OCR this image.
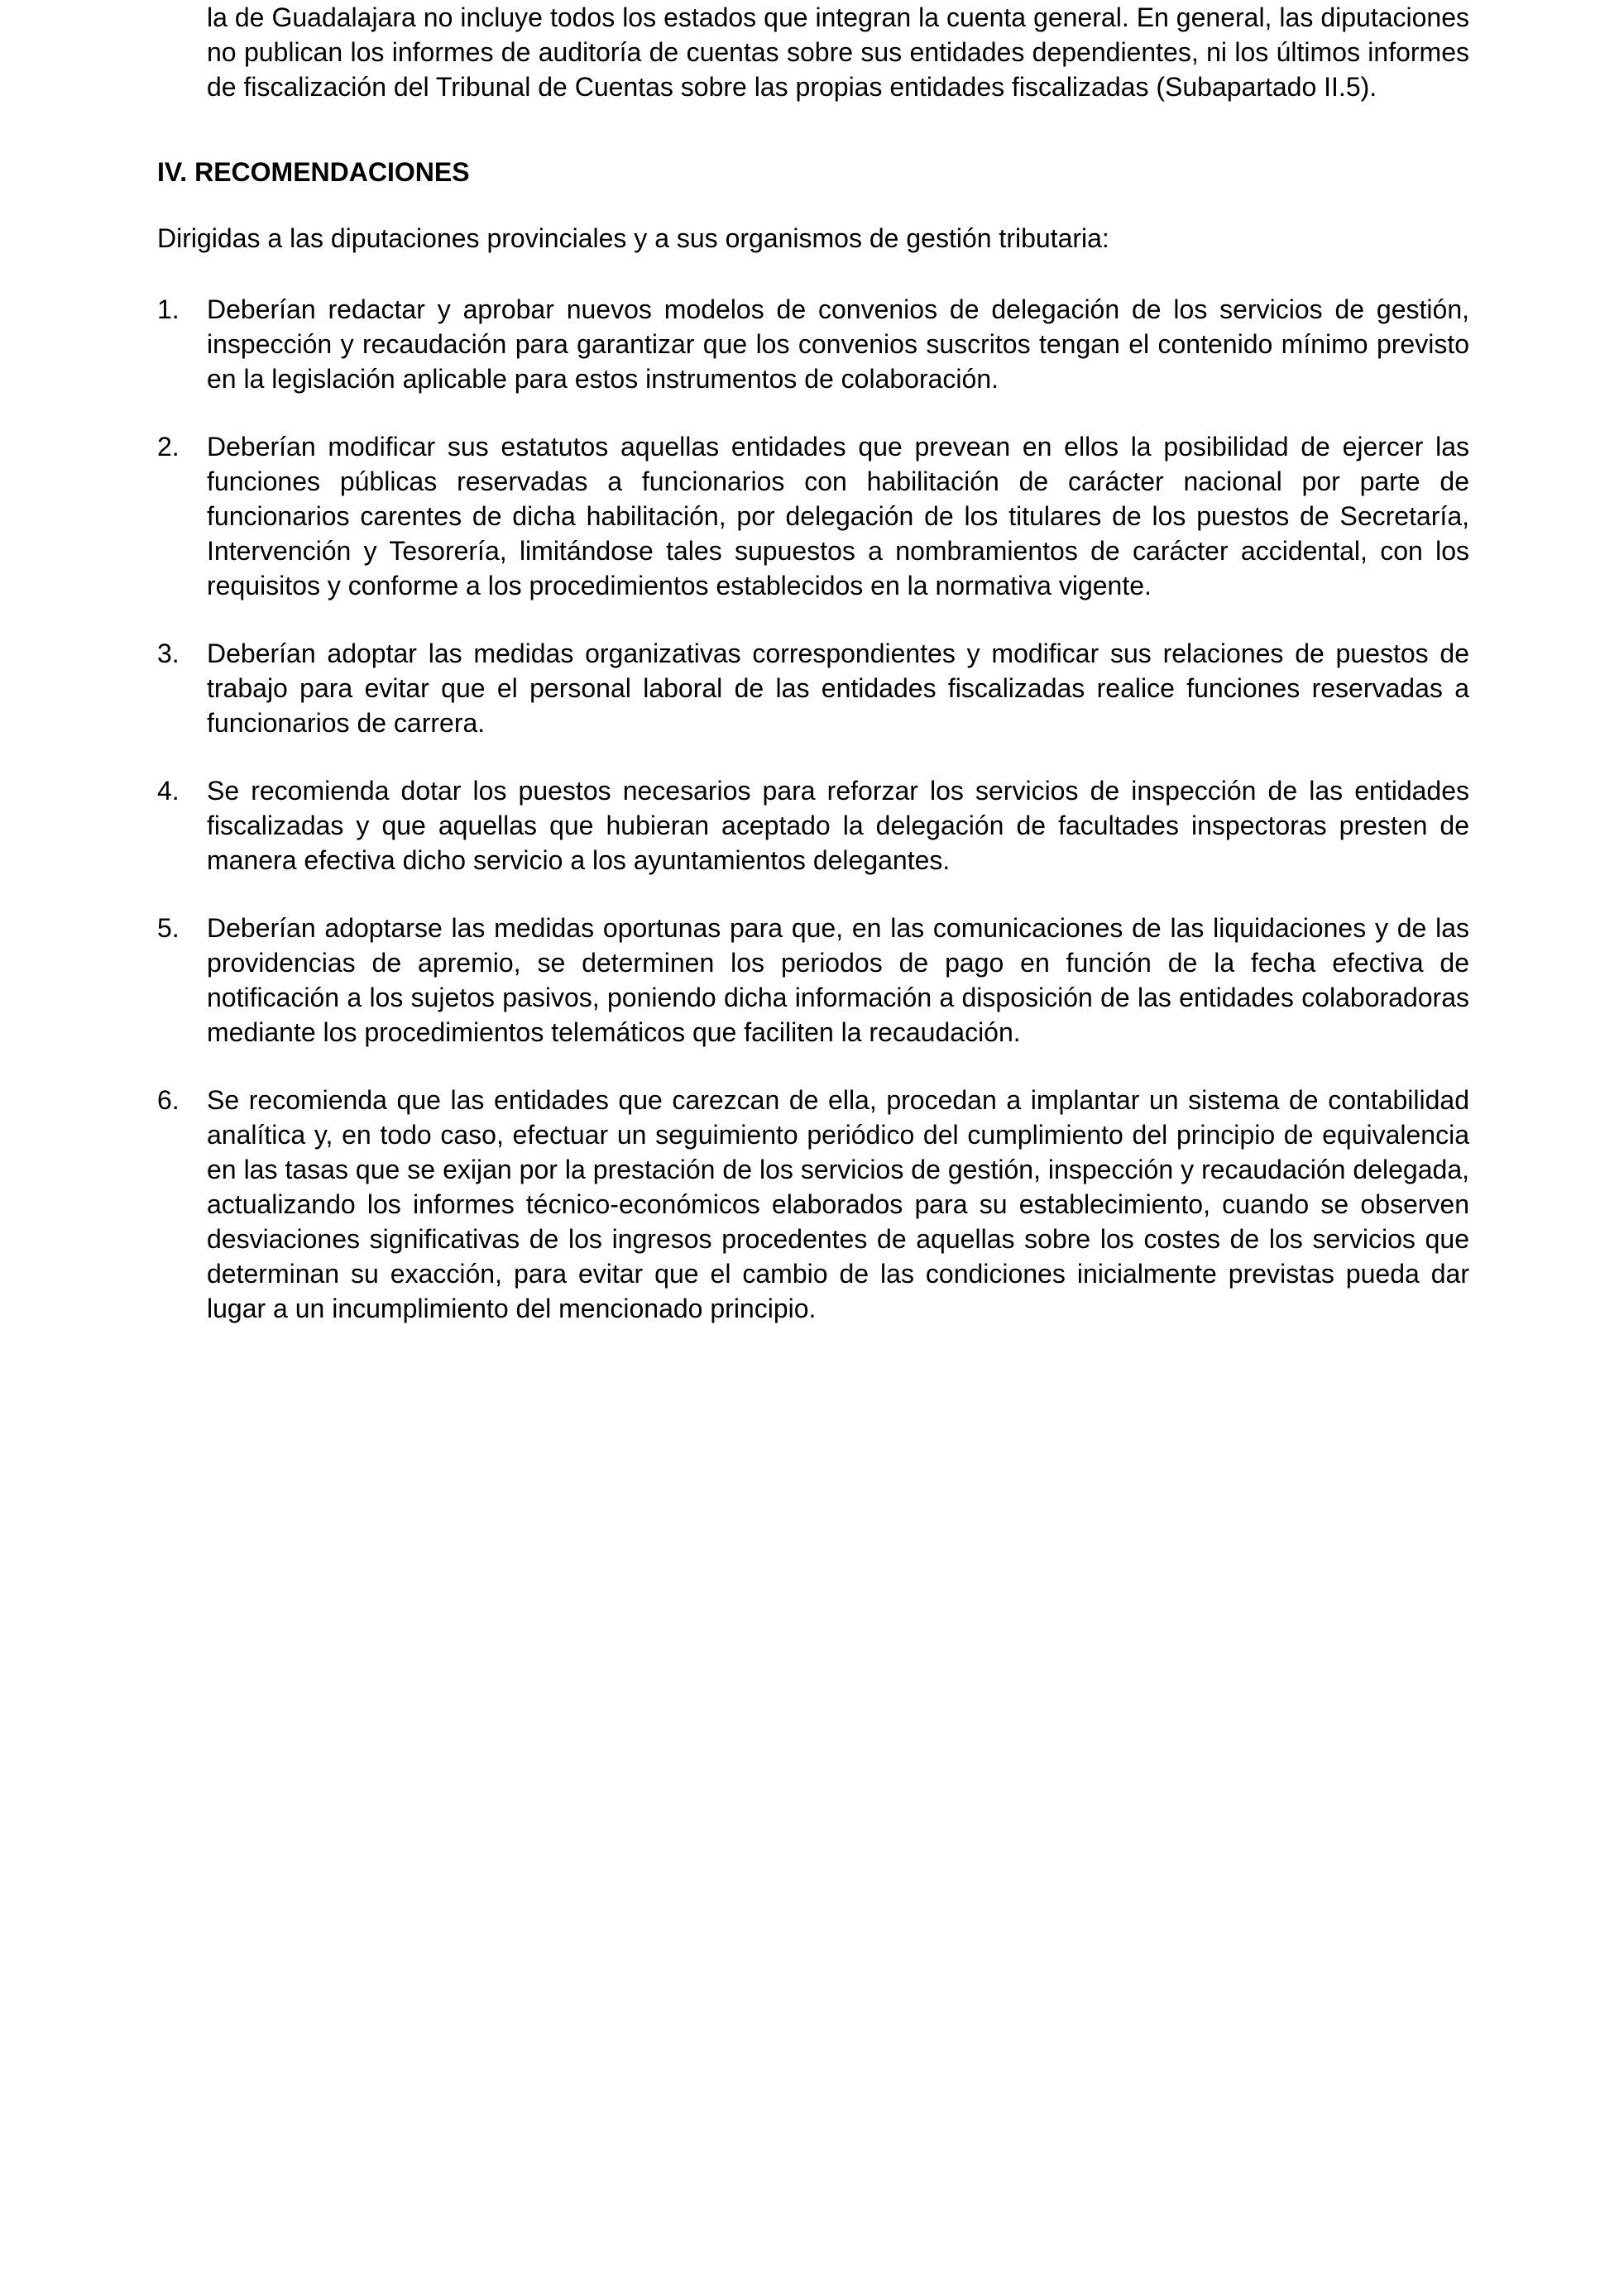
la de Guadalajara no incluye todos los estados que integran la cuenta general. En general, las diputaciones no publican los informes de auditoría de cuentas sobre sus entidades dependientes, ni los últimos informes de fiscalización del Tribunal de Cuentas sobre las propias entidades fiscalizadas (Subapartado II.5).

IV. RECOMENDACIONES

Dirigidas a las diputaciones provinciales y a sus organismos de gestión tributaria:

1.	Deberían redactar y aprobar nuevos modelos de convenios de delegación de los servicios de gestión, inspección y recaudación para garantizar que los convenios suscritos tengan el contenido mínimo previsto en la legislación aplicable para estos instrumentos de colaboración.

2.	Deberían modificar sus estatutos aquellas entidades que prevean en ellos la posibilidad de ejercer las funciones públicas reservadas a funcionarios con habilitación de carácter nacional por parte de funcionarios carentes de dicha habilitación, por delegación de los titulares de los puestos de Secretaría, Intervención y Tesorería, limitándose tales supuestos a nombramientos de carácter accidental, con los requisitos y conforme a los procedimientos establecidos en la normativa vigente.

3.	Deberían adoptar las medidas organizativas correspondientes y modificar sus relaciones de puestos de trabajo para evitar que el personal laboral de las entidades fiscalizadas realice funciones reservadas a funcionarios de carrera.

4.	Se recomienda dotar los puestos necesarios para reforzar los servicios de inspección de las entidades fiscalizadas y que aquellas que hubieran aceptado la delegación de facultades inspectoras presten de manera efectiva dicho servicio a los ayuntamientos delegantes.

5.	Deberían adoptarse las medidas oportunas para que, en las comunicaciones de las liquidaciones y de las providencias de apremio, se determinen los periodos de pago en función de la fecha efectiva de notificación a los sujetos pasivos, poniendo dicha información a disposición de las entidades colaboradoras mediante los procedimientos telemáticos que faciliten la recaudación.

6.	Se recomienda que las entidades que carezcan de ella, procedan a implantar un sistema de contabilidad analítica y, en todo caso, efectuar un seguimiento periódico del cumplimiento del principio de equivalencia en las tasas que se exijan por la prestación de los servicios de gestión, inspección y recaudación delegada, actualizando los informes técnico-económicos elaborados para su establecimiento, cuando se observen desviaciones significativas de los ingresos procedentes de aquellas sobre los costes de los servicios que determinan su exacción, para evitar que el cambio de las condiciones inicialmente previstas pueda dar lugar a un incumplimiento del mencionado principio.
